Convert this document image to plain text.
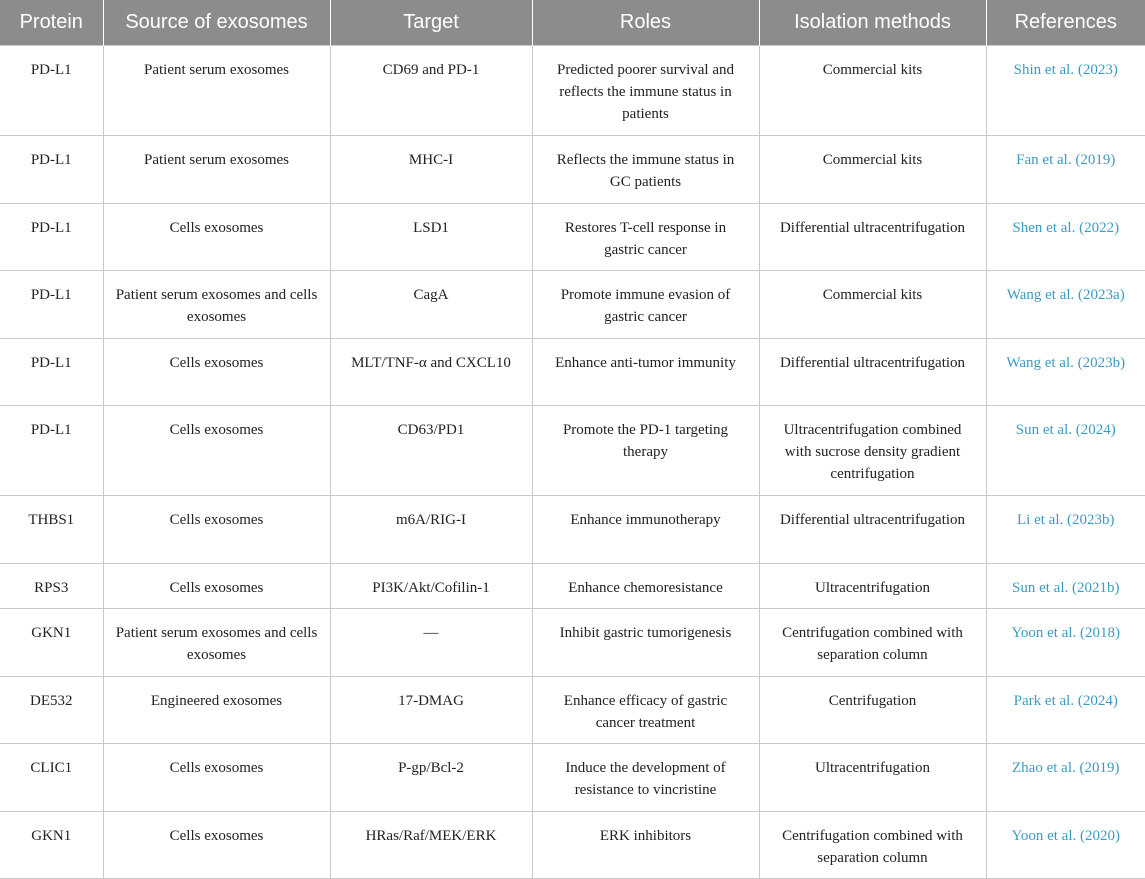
Protein	Source of exosomes	Target	Roles	Isolation methods	References
PD-L1	Patient serum exosomes	CD69 and PD-1	Predicted poorer survival and reflects the immune status in patients	Commercial kits	Shin et al. (2023)
PD-L1	Patient serum exosomes	MHC-I	Reflects the immune status in GC patients	Commercial kits	Fan et al. (2019)
PD-L1	Cells exosomes	LSD1	Restores T-cell response in gastric cancer	Differential ultracentrifugation	Shen et al. (2022)
PD-L1	Patient serum exosomes and cells exosomes	CagA	Promote immune evasion of gastric cancer	Commercial kits	Wang et al. (2023a)
PD-L1	Cells exosomes	MLT/TNF-α and CXCL10	Enhance anti-tumor immunity	Differential ultracentrifugation	Wang et al. (2023b)
PD-L1	Cells exosomes	CD63/PD1	Promote the PD-1 targeting therapy	Ultracentrifugation combined with sucrose density gradient centrifugation	Sun et al. (2024)
THBS1	Cells exosomes	m6A/RIG-I	Enhance immunotherapy	Differential ultracentrifugation	Li et al. (2023b)
RPS3	Cells exosomes	PI3K/Akt/Cofilin-1	Enhance chemoresistance	Ultracentrifugation	Sun et al. (2021b)
GKN1	Patient serum exosomes and cells exosomes	—	Inhibit gastric tumorigenesis	Centrifugation combined with separation column	Yoon et al. (2018)
DE532	Engineered exosomes	17-DMAG	Enhance efficacy of gastric cancer treatment	Centrifugation	Park et al. (2024)
CLIC1	Cells exosomes	P-gp/Bcl-2	Induce the development of resistance to vincristine	Ultracentrifugation	Zhao et al. (2019)
GKN1	Cells exosomes	HRas/Raf/MEK/ERK	ERK inhibitors	Centrifugation combined with separation column	Yoon et al. (2020)
